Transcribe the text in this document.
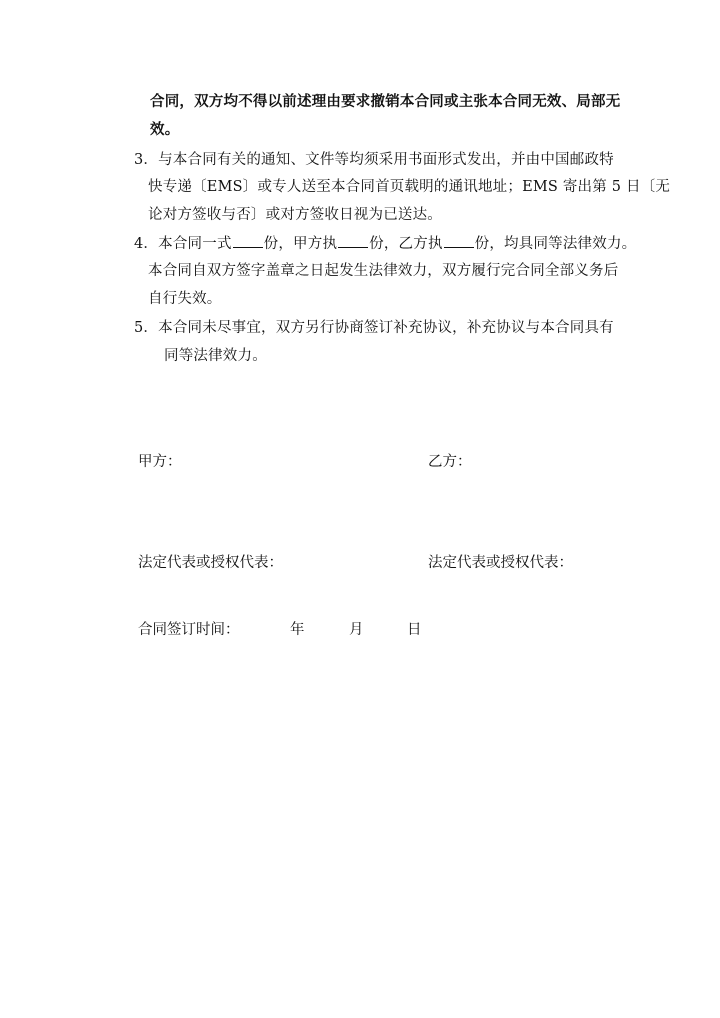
合同，双方均不得以前述理由要求撤销本合同或主张本合同无效、局部无
效。
3．与本合同有关的通知、文件等均须采用书面形式发出，并由中国邮政特
快专递〔EMS〕或专人送至本合同首页载明的通讯地址；EMS 寄出第 5 日〔无
论对方签收与否〕或对方签收日视为已送达。
4．本合同一式 份，甲方执 份，乙方执 份，均具同等法律效力。
本合同自双方签字盖章之日起发生法律效力，双方履行完合同全部义务后
自行失效。
5．本合同未尽事宜，双方另行协商签订补充协议，补充协议与本合同具有
同等法律效力。
甲方：	乙方：
法定代表或授权代表：	法定代表或授权代表：
合同签订时间：	年	月	日
